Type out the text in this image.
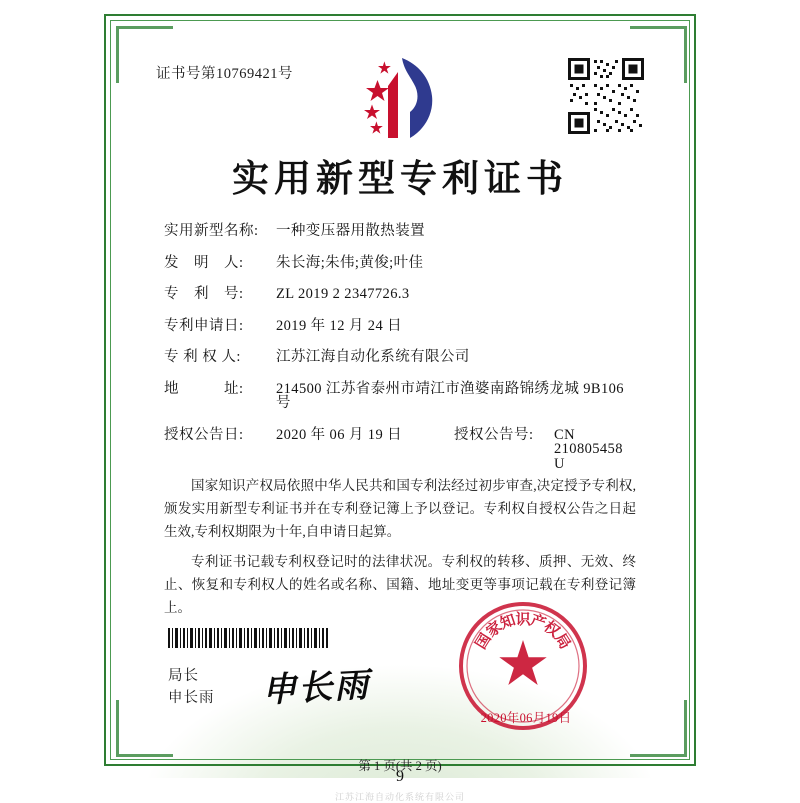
证书号第10769421号
实用新型专利证书
实用新型名称:	一种变压器用散热装置
发　明　人:	朱长海;朱伟;黄俊;叶佳
专　利　号:	ZL 2019 2 2347726.3
专利申请日:	2019 年 12 月 24 日
专 利 权 人:	江苏江海自动化系统有限公司
地　　　址:	214500 江苏省泰州市靖江市渔婆南路锦绣龙城 9B106 号
授权公告日:	2020 年 06 月 19 日	授权公告号:	CN 210805458 U

国家知识产权局依照中华人民共和国专利法经过初步审查,决定授予专利权,颁发实用新型专利证书并在专利登记簿上予以登记。专利权自授权公告之日起生效,专利权期限为十年,自申请日起算。

专利证书记载专利权登记时的法律状况。专利权的转移、质押、无效、终止、恢复和专利权人的姓名或名称、国籍、地址变更等事项记载在专利登记簿上。

局长
申长雨 申长雨
国
家
知
识
产
权
局
2020年06月19日
第 1 页(共 2 页)
9
江苏江海自动化系统有限公司
